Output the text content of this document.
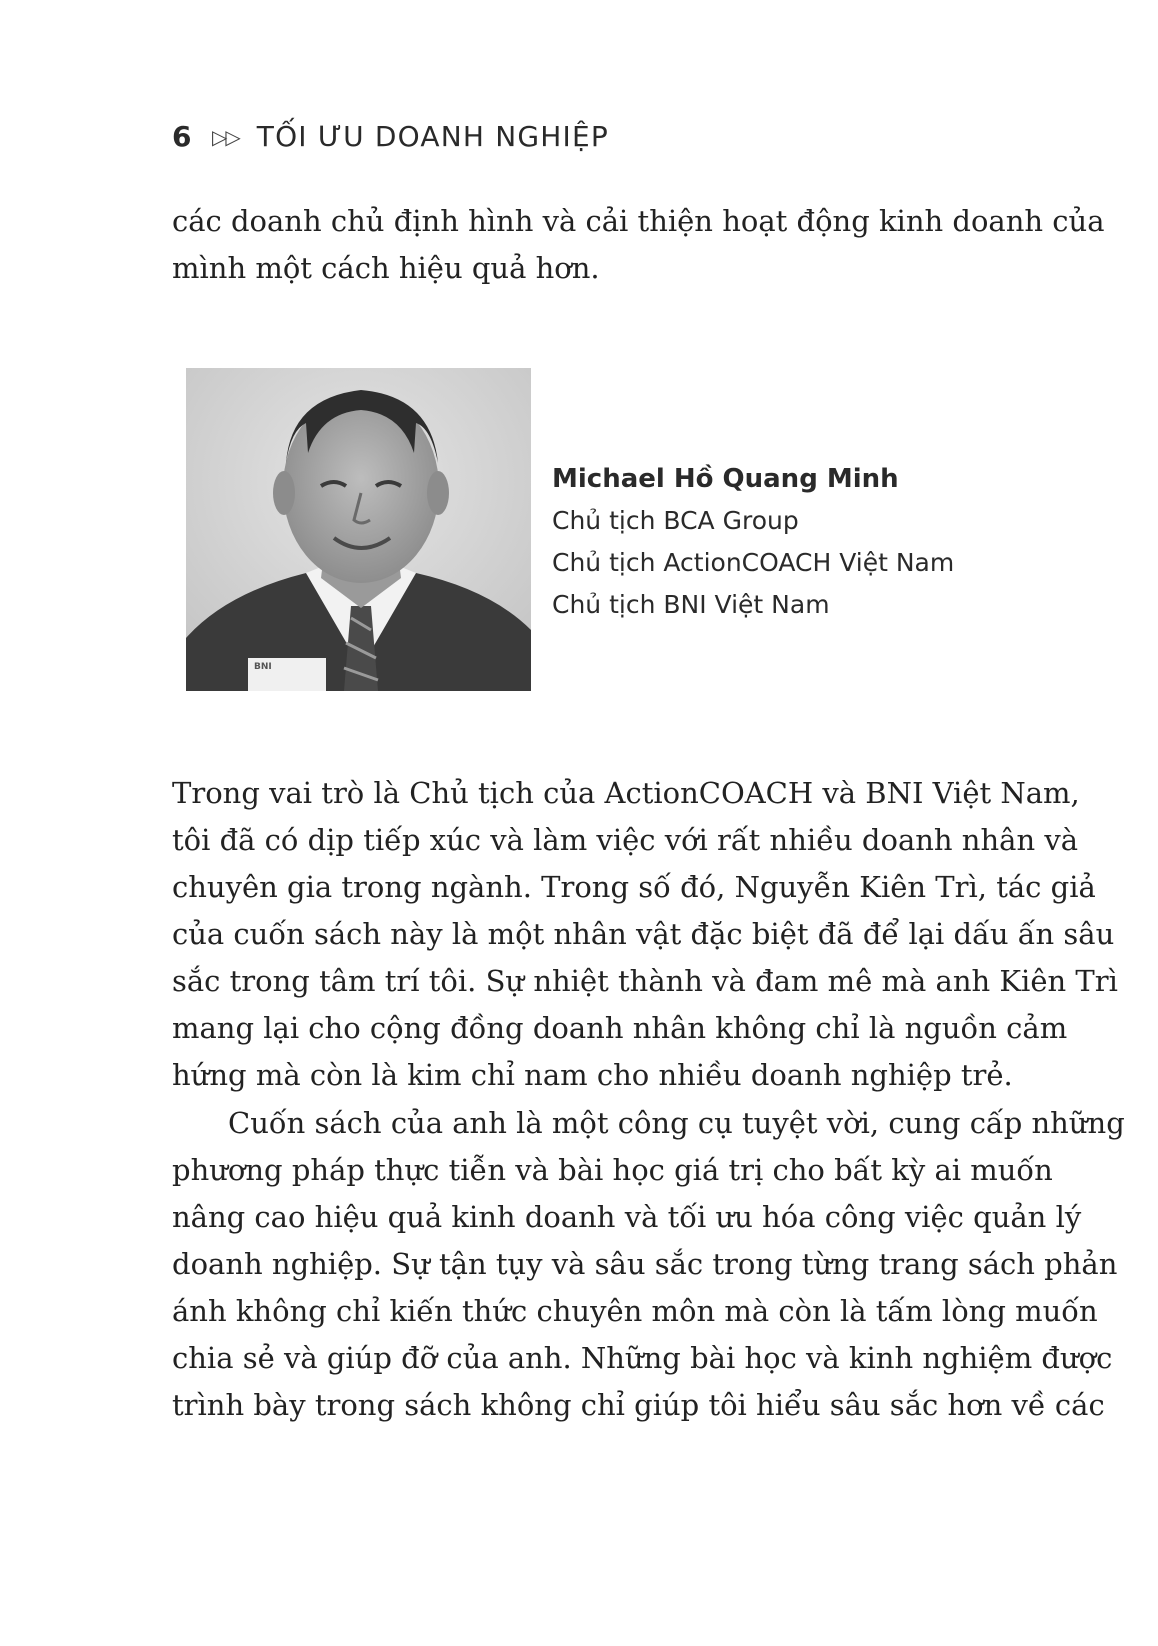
6	▷▷ TỐI ƯU DOANH NGHIỆP

các doanh chủ định hình và cải thiện hoạt động kinh doanh của
mình một cách hiệu quả hơn.

BNI
Michael Hồ Quang Minh
Chủ tịch BCA Group
Chủ tịch ActionCOACH Việt Nam
Chủ tịch BNI Việt Nam

Trong vai trò là Chủ tịch của ActionCOACH và BNI Việt Nam,
tôi đã có dịp tiếp xúc và làm việc với rất nhiều doanh nhân và
chuyên gia trong ngành. Trong số đó, Nguyễn Kiên Trì, tác giả
của cuốn sách này là một nhân vật đặc biệt đã để lại dấu ấn sâu
sắc trong tâm trí tôi. Sự nhiệt thành và đam mê mà anh Kiên Trì
mang lại cho cộng đồng doanh nhân không chỉ là nguồn cảm
hứng mà còn là kim chỉ nam cho nhiều doanh nghiệp trẻ.

Cuốn sách của anh là một công cụ tuyệt vời, cung cấp những
phương pháp thực tiễn và bài học giá trị cho bất kỳ ai muốn
nâng cao hiệu quả kinh doanh và tối ưu hóa công việc quản lý
doanh nghiệp. Sự tận tụy và sâu sắc trong từng trang sách phản
ánh không chỉ kiến thức chuyên môn mà còn là tấm lòng muốn
chia sẻ và giúp đỡ của anh. Những bài học và kinh nghiệm được
trình bày trong sách không chỉ giúp tôi hiểu sâu sắc hơn về các
